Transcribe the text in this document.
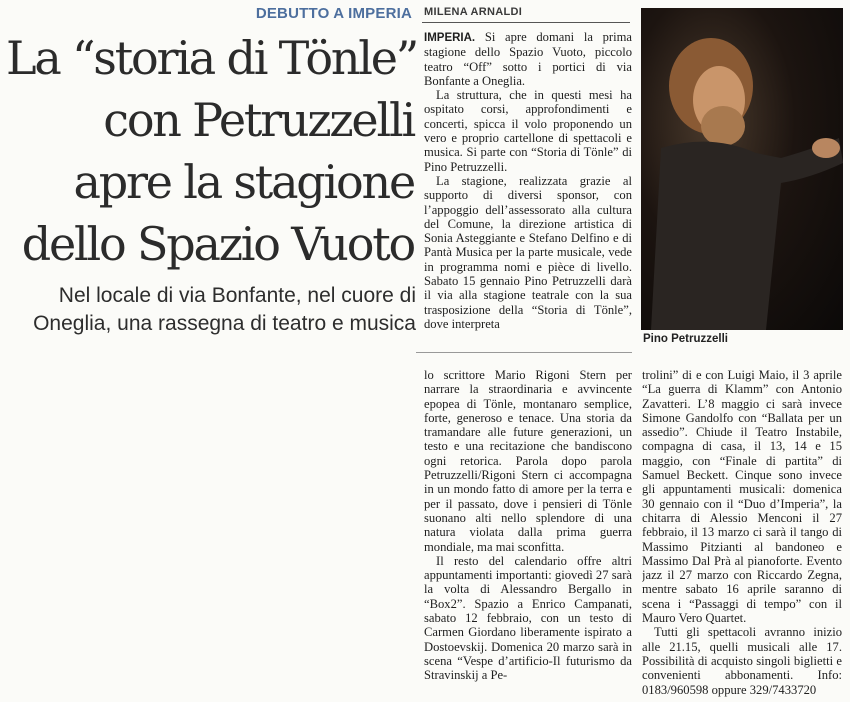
DEBUTTO A IMPERIA
La “storia di Tönle”
con Petruzzelli
apre la stagione
dello Spazio Vuoto

Nel locale di via Bonfante, nel cuore di
Oneglia, una rassegna di teatro e musica

MILENA ARNALDI

IMPERIA. Si apre domani la prima stagione dello Spazio Vuoto, piccolo teatro “Off” sotto i portici di via Bonfante a Oneglia.

La struttura, che in questi mesi ha ospitato corsi, approfondimenti e concerti, spicca il volo proponendo un vero e proprio cartellone di spettacoli e musica. Si parte con “Storia di Tönle” di Pino Petruzzelli.

La stagione, realizzata grazie al supporto di diversi sponsor, con l’appoggio dell’assessorato alla cultura del Comune, la direzione artistica di Sonia Asteggiante e Stefano Delfino e di Pantà Musica per la parte musicale, vede in programma nomi e pièce di livello. Sabato 15 gennaio Pino Petruzzelli darà il via alla stagione teatrale con la sua trasposizione della “Storia di Tönle”, dove interpreta

Pino Petruzzelli

lo scrittore Mario Rigoni Stern per narrare la straordinaria e avvincente epopea di Tönle, montanaro semplice, forte, generoso e tenace. Una storia da tramandare alle future generazioni, un testo e una recitazione che bandiscono ogni retorica. Parola dopo parola Petruzzelli/Rigoni Stern ci accompagna in un mondo fatto di amore per la terra e per il passato, dove i pensieri di Tönle suonano alti nello splendore di una natura violata dalla prima guerra mondiale, ma mai sconfitta.

Il resto del calendario offre altri appuntamenti importanti: giovedì 27 sarà la volta di Alessandro Bergallo in “Box2”. Spazio a Enrico Campanati, sabato 12 febbraio, con un testo di Carmen Giordano liberamente ispirato a Dostoevskij. Domenica 20 marzo sarà in scena “Vespe d’artificio-Il futurismo da Stravinskij a Pe-

trolini” di e con Luigi Maio, il 3 aprile “La guerra di Klamm” con Antonio Zavatteri. L’8 maggio ci sarà invece Simone Gandolfo con “Ballata per un assedio”. Chiude il Teatro Instabile, compagna di casa, il 13, 14 e 15 maggio, con “Finale di partita” di Samuel Beckett. Cinque sono invece gli appuntamenti musicali: domenica 30 gennaio con il “Duo d’Imperia”, la chitarra di Alessio Menconi il 27 febbraio, il 13 marzo ci sarà il tango di Massimo Pitzianti al bandoneo e Massimo Dal Prà al pianoforte. Evento jazz il 27 marzo con Riccardo Zegna, mentre sabato 16 aprile saranno di scena i “Passaggi di tempo” con il Mauro Vero Quartet.

Tutti gli spettacoli avranno inizio alle 21.15, quelli musicali alle 17. Possibilità di acquisto singoli biglietti e convenienti abbonamenti. Info: 0183/960598 oppure 329/7433720
